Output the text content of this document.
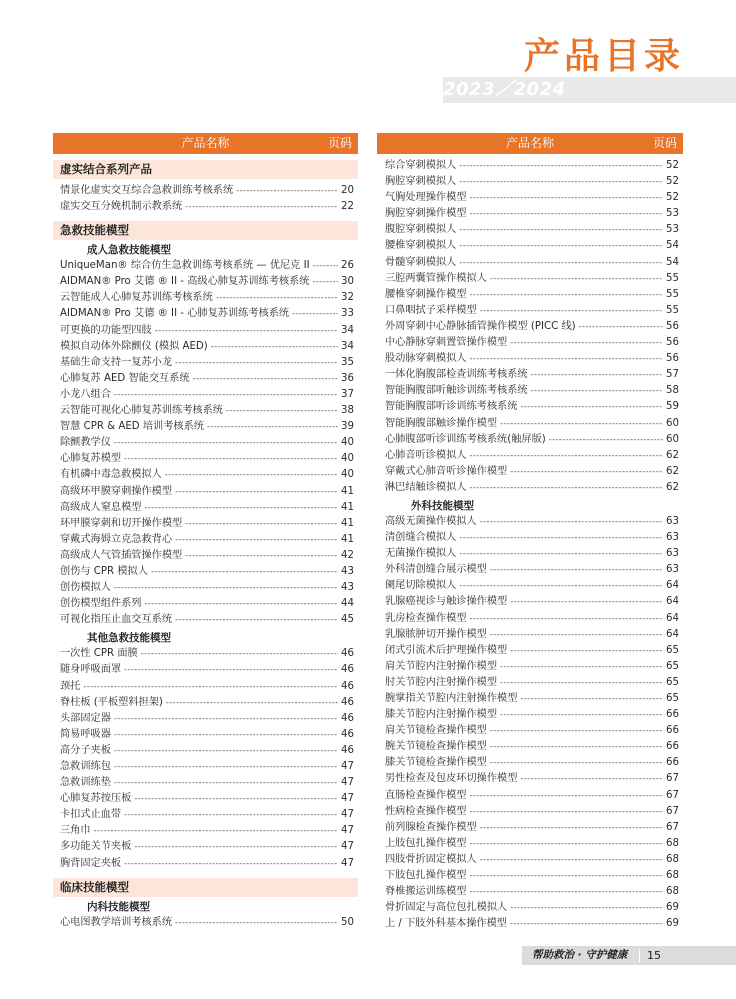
产品目录
2023／2024 CONTENTS
产品名称	页码
虚实结合系列产品
情景化虚实交互综合急救训练考核系统 -----	20
虚实交互分娩机制示教系统 -----	22
急救技能模型
成人急救技能模型
UniqueMan® 综合仿生急救训练考核系统 — 优尼克 II -----	26
AIDMAN® Pro 艾德 ® II - 高级心肺复苏训练考核系统 -----	30
云智能成人心肺复苏训练考核系统 -----	32
AIDMAN® Pro 艾德 ® II - 心肺复苏训练考核系统 -----	33
可更换的功能型四肢 -----	34
模拟自动体外除颤仪 (模拟 AED) -----	34
基础生命支持一复苏小龙 -----	35
心肺复苏 AED 智能交互系统 -----	36
小龙八组合 -----	37
云智能可视化心肺复苏训练考核系统 -----	38
智慧 CPR & AED 培训考核系统 -----	39
除颤教学仪 -----	40
心肺复苏模型 -----	40
有机磷中毒急救模拟人 -----	40
高级环甲膜穿刺操作模型 -----	41
高级成人窒息模型 -----	41
环甲膜穿刺和切开操作模型 -----	41
穿戴式海姆立克急救背心 -----	41
高级成人气管插管操作模型 -----	42
创伤与 CPR 模拟人 -----	43
创伤模拟人 -----	43
创伤模型组件系列 -----	44
可视化指压止血交互系统 -----	45
其他急救技能模型
一次性 CPR 面膜 -----	46
随身呼吸面罩 -----	46
颈托 -----	46
脊柱板 (平板塑料担架) -----	46
头部固定器 -----	46
简易呼吸器 -----	46
高分子夹板 -----	46
急救训练包 -----	47
急救训练垫 -----	47
心肺复苏按压板 -----	47
卡扣式止血带 -----	47
三角巾 -----	47
多功能关节夹板 -----	47
胸背固定夹板 -----	47
临床技能模型
内科技能模型
心电图教学培训考核系统 -----	50
产品名称	页码
综合穿刺模拟人 -----	52
胸腔穿刺模拟人 -----	52
气胸处理操作模型 -----	52
胸腔穿刺操作模型 -----	53
腹腔穿刺模拟人 -----	53
腰椎穿刺模拟人 -----	54
骨髓穿刺模拟人 -----	54
三腔两囊管操作模拟人 -----	55
腰椎穿刺操作模型 -----	55
口鼻咽拭子采样模型 -----	55
外周穿刺中心静脉插管操作模型 (PICC 线) -----	56
中心静脉穿刺置管操作模型 -----	56
股动脉穿刺模拟人 -----	56
一体化胸腹部检查训练考核系统 -----	57
智能胸腹部听触诊训练考核系统 -----	58
智能胸腹部听诊训练考核系统 -----	59
智能胸腹部触诊操作模型 -----	60
心肺腹部听诊训练考核系统(触屏版) -----	60
心肺音听诊模拟人 -----	62
穿戴式心肺音听诊操作模型 -----	62
淋巴结触诊模拟人 -----	62
外科技能模型
高级无菌操作模拟人 -----	63
清创缝合模拟人 -----	63
无菌操作模拟人 -----	63
外科清创缝合展示模型 -----	63
阑尾切除模拟人 -----	64
乳腺癌视诊与触诊操作模型 -----	64
乳房检查操作模型 -----	64
乳腺脓肿切开操作模型 -----	64
闭式引流术后护理操作模型 -----	65
肩关节腔内注射操作模型 -----	65
肘关节腔内注射操作模型 -----	65
腕掌指关节腔内注射操作模型 -----	65
膝关节腔内注射操作模型 -----	66
肩关节镜检查操作模型 -----	66
腕关节镜检查操作模型 -----	66
膝关节镜检查操作模型 -----	66
男性检查及包皮环切操作模型 -----	67
直肠检查操作模型 -----	67
性病检查操作模型 -----	67
前列腺检查操作模型 -----	67
上肢包扎操作模型 -----	68
四肢骨折固定模拟人 -----	68
下肢包扎操作模型 -----	68
脊椎搬运训练模型 -----	68
骨折固定与高位包扎模拟人 -----	69
上 / 下肢外科基本操作模型 -----	69
帮助救治 · 守护健康 15
